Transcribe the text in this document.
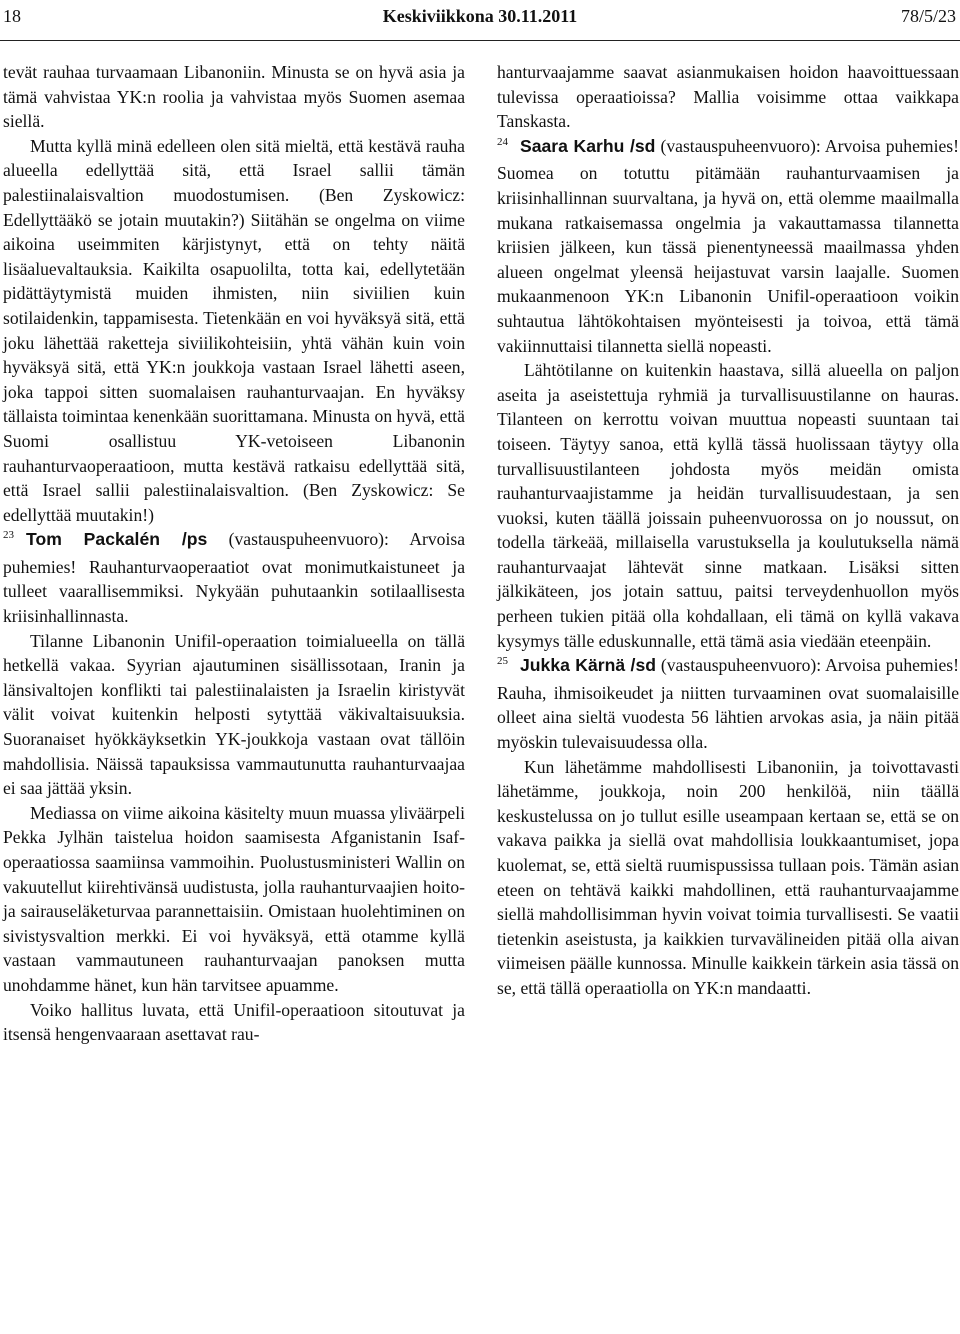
18	Keskiviikkona 30.11.2011	78/5/23

tevät rauhaa turvaamaan Libanoniin. Minusta se on hyvä asia ja tämä vahvistaa YK:n roolia ja vahvistaa myös Suomen asemaa siellä.

Mutta kyllä minä edelleen olen sitä mieltä, että kestävä rauha alueella edellyttää sitä, että Israel sallii tämän palestiinalaisvaltion muodostumisen. (Ben Zyskowicz: Edellyttääkö se jotain muutakin?) Siitähän se ongelma on viime aikoina useimmiten kärjistynyt, että on tehty näitä lisäaluevaltauksia. Kaikilta osapuolilta, totta kai, edellytetään pidättäytymistä muiden ihmisten, niin siviilien kuin sotilaidenkin, tappamisesta. Tietenkään en voi hyväksyä sitä, että joku lähettää raketteja siviilikohteisiin, yhtä vähän kuin voin hyväksyä sitä, että YK:n joukkoja vastaan Israel lähetti aseen, joka tappoi sitten suomalaisen rauhanturvaajan. En hyväksy tällaista toimintaa kenenkään suorittamana. Minusta on hyvä, että Suomi osallistuu YK-vetoiseen Libanonin rauhanturvaoperaatioon, mutta kestävä ratkaisu edellyttää sitä, että Israel sallii palestiinalaisvaltion. (Ben Zyskowicz: Se edellyttää muutakin!)

$^{23}$ Tom Packalén /ps (vastauspuheenvuoro): Arvoisa puhemies! Rauhanturvaoperaatiot ovat monimutkaistuneet ja tulleet vaarallisemmiksi. Nykyään puhutaankin sotilaallisesta kriisinhallinnasta.

Tilanne Libanonin Unifil-operaation toimialueella on tällä hetkellä vakaa. Syyrian ajautuminen sisällissotaan, Iranin ja länsivaltojen konflikti tai palestiinalaisten ja Israelin kiristyvät välit voivat kuitenkin helposti sytyttää väkivaltaisuuksia. Suoranaiset hyökkäyksetkin YK-joukkoja vastaan ovat tällöin mahdollisia. Näissä tapauksissa vammautunutta rauhanturvaajaa ei saa jättää yksin.

Mediassa on viime aikoina käsitelty muun muassa yliväärpeli Pekka Jylhän taistelua hoidon saamisesta Afganistanin Isaf-operaatiossa saamiinsa vammoihin. Puolustusministeri Wallin on vakuutellut kiirehtivänsä uudistusta, jolla rauhanturvaajien hoito- ja sairauseläketurvaa parannettaisiin. Omistaan huolehtiminen on sivistysvaltion merkki. Ei voi hyväksyä, että otamme kyllä vastaan vammautuneen rauhanturvaajan panoksen mutta unohdamme hänet, kun hän tarvitsee apuamme.

Voiko hallitus luvata, että Unifil-operaatioon sitoutuvat ja itsensä hengenvaaraan asettavat rau-

hanturvaajamme saavat asianmukaisen hoidon haavoittuessaan tulevissa operaatioissa? Mallia voisimme ottaa vaikkapa Tanskasta.

$^{24}$ Saara Karhu /sd (vastauspuheenvuoro): Arvoisa puhemies! Suomea on totuttu pitämään rauhanturvaamisen ja kriisinhallinnan suurvaltana, ja hyvä on, että olemme maailmalla mukana ratkaisemassa ongelmia ja vakauttamassa tilannetta kriisien jälkeen, kun tässä pienentyneessä maailmassa yhden alueen ongelmat yleensä heijastuvat varsin laajalle. Suomen mukaanmenoon YK:n Libanonin Unifil-operaatioon voikin suhtautua lähtökohtaisen myönteisesti ja toivoa, että tämä vakiinnuttaisi tilannetta siellä nopeasti.

Lähtötilanne on kuitenkin haastava, sillä alueella on paljon aseita ja aseistettuja ryhmiä ja turvallisuustilanne on hauras. Tilanteen on kerrottu voivan muuttua nopeasti suuntaan tai toiseen. Täytyy sanoa, että kyllä tässä huolissaan täytyy olla turvallisuustilanteen johdosta myös meidän omista rauhanturvaajistamme ja heidän turvallisuudestaan, ja sen vuoksi, kuten täällä joissain puheenvuorossa on jo noussut, on todella tärkeää, millaisella varustuksella ja koulutuksella nämä rauhanturvaajat lähtevät sinne matkaan. Lisäksi sitten jälkikäteen, jos jotain sattuu, paitsi terveydenhuollon myös perheen tukien pitää olla kohdallaan, eli tämä on kyllä vakava kysymys tälle eduskunnalle, että tämä asia viedään eteenpäin.

$^{25}$ Jukka Kärnä /sd (vastauspuheenvuoro): Arvoisa puhemies! Rauha, ihmisoikeudet ja niitten turvaaminen ovat suomalaisille olleet aina sieltä vuodesta 56 lähtien arvokas asia, ja näin pitää myöskin tulevaisuudessa olla.

Kun lähetämme mahdollisesti Libanoniin, ja toivottavasti lähetämme, joukkoja, noin 200 henkilöä, niin täällä keskustelussa on jo tullut esille useampaan kertaan se, että se on vakava paikka ja siellä ovat mahdollisia loukkaantumiset, jopa kuolemat, se, että sieltä ruumispussissa tullaan pois. Tämän asian eteen on tehtävä kaikki mahdollinen, että rauhanturvaajamme siellä mahdollisimman hyvin voivat toimia turvallisesti. Se vaatii tietenkin aseistusta, ja kaikkien turvavälineiden pitää olla aivan viimeisen päälle kunnossa. Minulle kaikkein tärkein asia tässä on se, että tällä operaatiolla on YK:n mandaatti.
